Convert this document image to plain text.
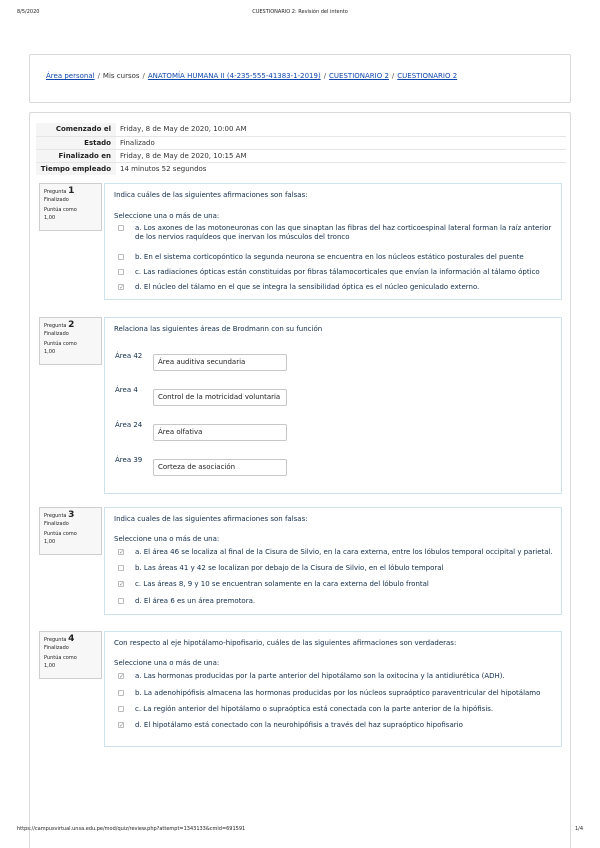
8/5/2020	CUESTIONARIO 2: Revisión del intento
Área personal / Mis cursos / ANATOMÍA HUMANA II (4-235-555-41383-1-2019) / CUESTIONARIO 2 / CUESTIONARIO 2
Comenzado el	Friday, 8 de May de 2020, 10:00 AM
Estado	Finalizado
Finalizado en	Friday, 8 de May de 2020, 10:15 AM
Tiempo empleado	14 minutos 52 segundos
Pregunta 1
Finalizado
Puntúa como
1,00
Indica cuáles de las siguientes afirmaciones son falsas:
Seleccione una o más de una:
a. Los axones de las motoneuronas con las que sinaptan las fibras del haz corticoespinal lateral forman la raíz anterior de los nervios raquídeos que inervan los músculos del tronco
b. En el sistema corticopóntico la segunda neurona se encuentra en los núcleos estático posturales del puente
c. Las radiaciones ópticas están constituidas por fibras tálamocorticales que envían la información al tálamo óptico
✓ d. El núcleo del tálamo en el que se integra la sensibilidad óptica es el núcleo geniculado externo.
Pregunta 2
Finalizado
Puntúa como
1,00
Relaciona las siguientes áreas de Brodmann con su función
Área 42
Área auditiva secundaria
Área 4
Control de la motricidad voluntaria
Área 24
Área olfativa
Área 39
Corteza de asociación
Pregunta 3
Finalizado
Puntúa como
1,00
Indica cuales de las siguientes afirmaciones son falsas:
Seleccione una o más de una:
✓ a. El área 46 se localiza al final de la Cisura de Silvio, en la cara externa, entre los lóbulos temporal occipital y parietal.
b. Las áreas 41 y 42 se localizan por debajo de la Cisura de Silvio, en el lóbulo temporal
✓ c. Las áreas 8, 9 y 10 se encuentran solamente en la cara externa del lóbulo frontal
d. El área 6 es un área premotora.
Pregunta 4
Finalizado
Puntúa como
1,00
Con respecto al eje hipotálamo-hipofisario, cuáles de las siguientes afirmaciones son verdaderas:
Seleccione una o más de una:
✓ a. Las hormonas producidas por la parte anterior del hipotálamo son la oxitocina y la antidiurética (ADH).
b. La adenohipófisis almacena las hormonas producidas por los núcleos supraóptico paraventricular del hipotálamo
c. La región anterior del hipotálamo o supraóptica está conectada con la parte anterior de la hipófisis.
✓ d. El hipotálamo está conectado con la neurohipófisis a través del haz supraóptico hipofisario
https://campusvirtual.unsa.edu.pe/mod/quiz/review.php?attempt=1343133&cmid=691591	1/4
